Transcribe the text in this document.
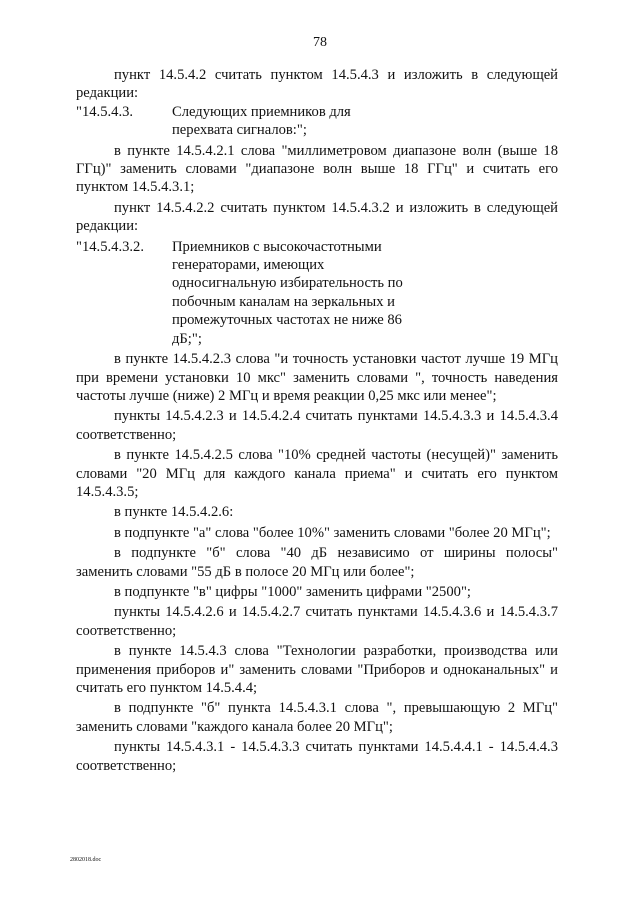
78

пункт 14.5.4.2 считать пунктом 14.5.4.3 и изложить в следующей редакции:

"14.5.4.3.	Следующих приемников для перехвата сигналов:";

в пункте 14.5.4.2.1 слова "миллиметровом диапазоне волн (выше 18 ГГц)" заменить словами "диапазоне волн выше 18 ГГц" и считать его пунктом 14.5.4.3.1;

пункт 14.5.4.2.2 считать пунктом 14.5.4.3.2 и изложить в следующей редакции:

"14.5.4.3.2.	Приемников с высокочастотными генераторами, имеющих односигнальную избирательность по побочным каналам на зеркальных и промежуточных частотах не ниже 86 дБ;";

в пункте 14.5.4.2.3 слова "и точность установки частот лучше 19 МГц при времени установки 10 мкс" заменить словами ", точность наведения частоты лучше (ниже) 2 МГц и время реакции 0,25 мкс или менее";

пункты 14.5.4.2.3 и 14.5.4.2.4 считать пунктами 14.5.4.3.3 и 14.5.4.3.4 соответственно;

в пункте 14.5.4.2.5 слова "10% средней частоты (несущей)" заменить словами "20 МГц для каждого канала приема" и считать его пунктом 14.5.4.3.5;

в пункте 14.5.4.2.6:

в подпункте "а" слова "более 10%" заменить словами "более 20 МГц";

в подпункте "б" слова "40 дБ независимо от ширины полосы" заменить словами "55 дБ в полосе 20 МГц или более";

в подпункте "в" цифры "1000" заменить цифрами "2500";

пункты 14.5.4.2.6 и 14.5.4.2.7 считать пунктами 14.5.4.3.6 и 14.5.4.3.7 соответственно;

в пункте 14.5.4.3 слова "Технологии разработки, производства или применения приборов и" заменить словами "Приборов и одноканальных" и считать его пунктом 14.5.4.4;

в подпункте "б" пункта 14.5.4.3.1 слова ", превышающую 2 МГц" заменить словами "каждого канала более 20 МГц";

пункты 14.5.4.3.1 - 14.5.4.3.3 считать пунктами 14.5.4.4.1 - 14.5.4.4.3 соответственно;

2802018.doc
